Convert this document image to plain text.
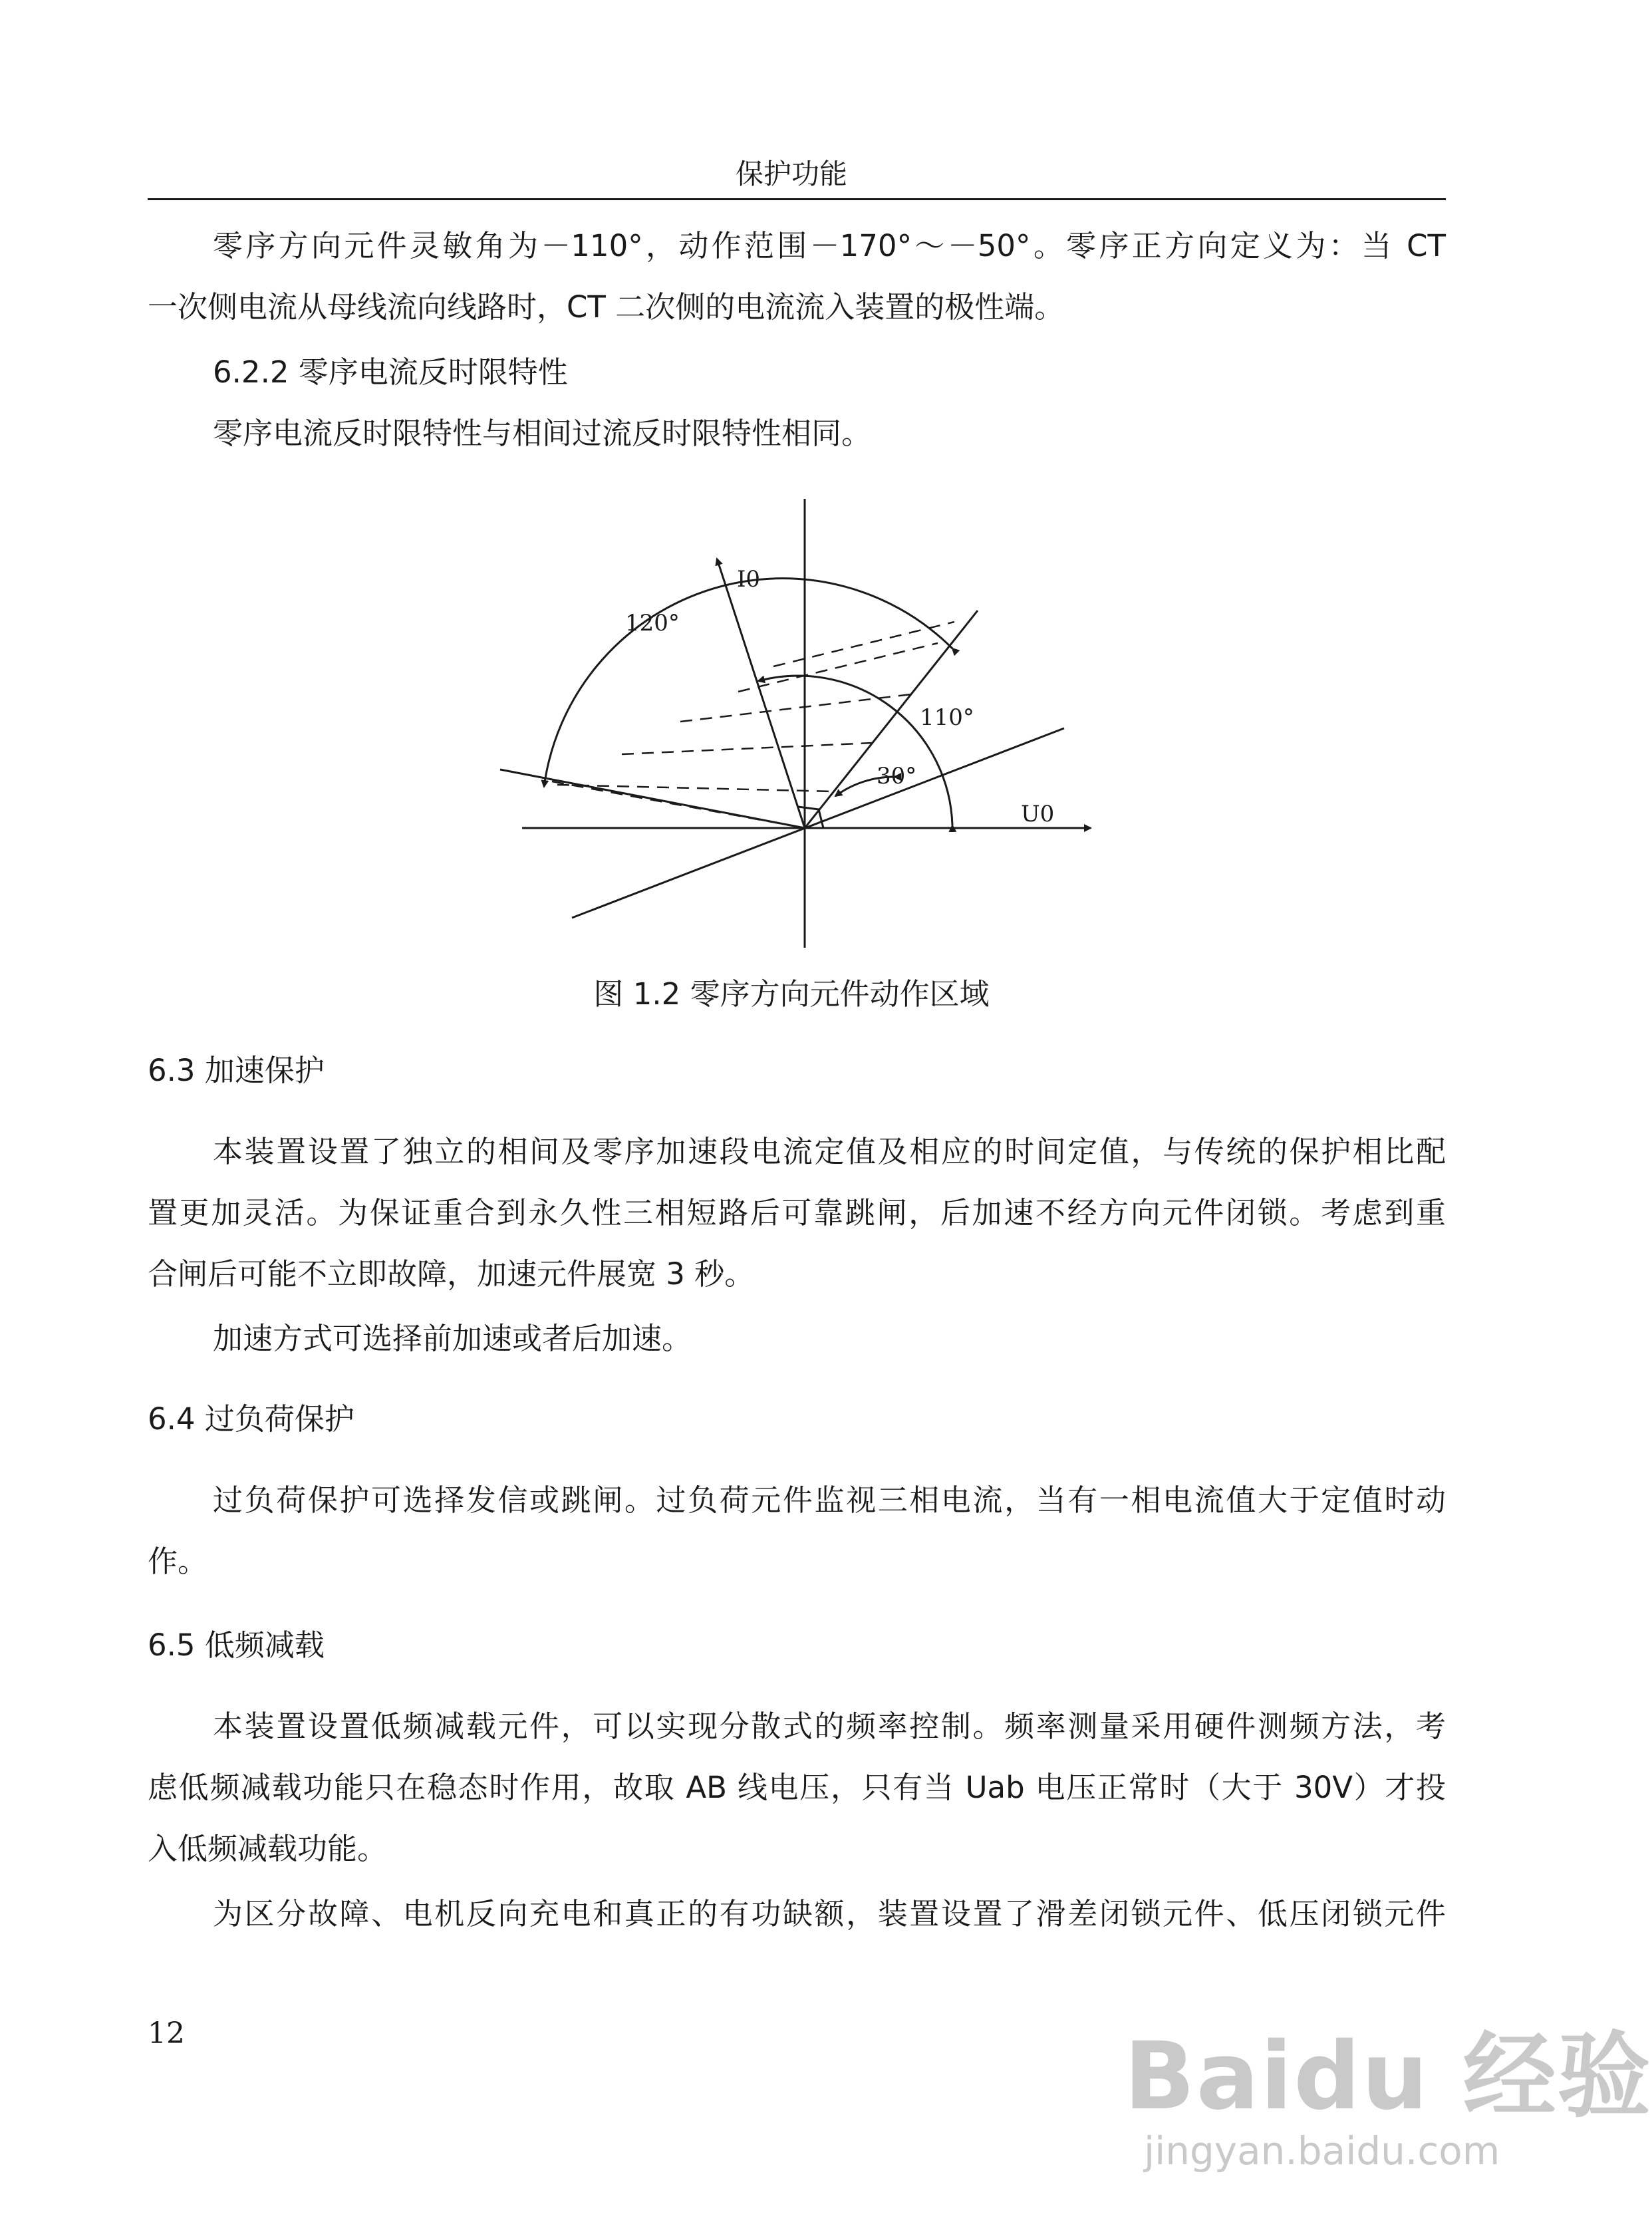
保护功能
零序方向元件灵敏角为－110°，动作范围－170°～－50°。零序正方向定义为：当 CT
一次侧电流从母线流向线路时，CT 二次侧的电流流入装置的极性端。
6.2.2 零序电流反时限特性
零序电流反时限特性与相间过流反时限特性相同。
I0
U0
120°
110°
30°
图 1.2 零序方向元件动作区域
6.3 加速保护
本装置设置了独立的相间及零序加速段电流定值及相应的时间定值，与传统的保护相比配
置更加灵活。为保证重合到永久性三相短路后可靠跳闸，后加速不经方向元件闭锁。考虑到重
合闸后可能不立即故障，加速元件展宽 3 秒。
加速方式可选择前加速或者后加速。
6.4 过负荷保护
过负荷保护可选择发信或跳闸。过负荷元件监视三相电流，当有一相电流值大于定值时动
作。
6.5 低频减载
本装置设置低频减载元件，可以实现分散式的频率控制。频率测量采用硬件测频方法，考
虑低频减载功能只在稳态时作用，故取 AB 线电压，只有当 Uab 电压正常时（大于 30V）才投
入低频减载功能。
为区分故障、电机反向充电和真正的有功缺额，装置设置了滑差闭锁元件、低压闭锁元件
12	Baidu 经验
jingyan.baidu.com
